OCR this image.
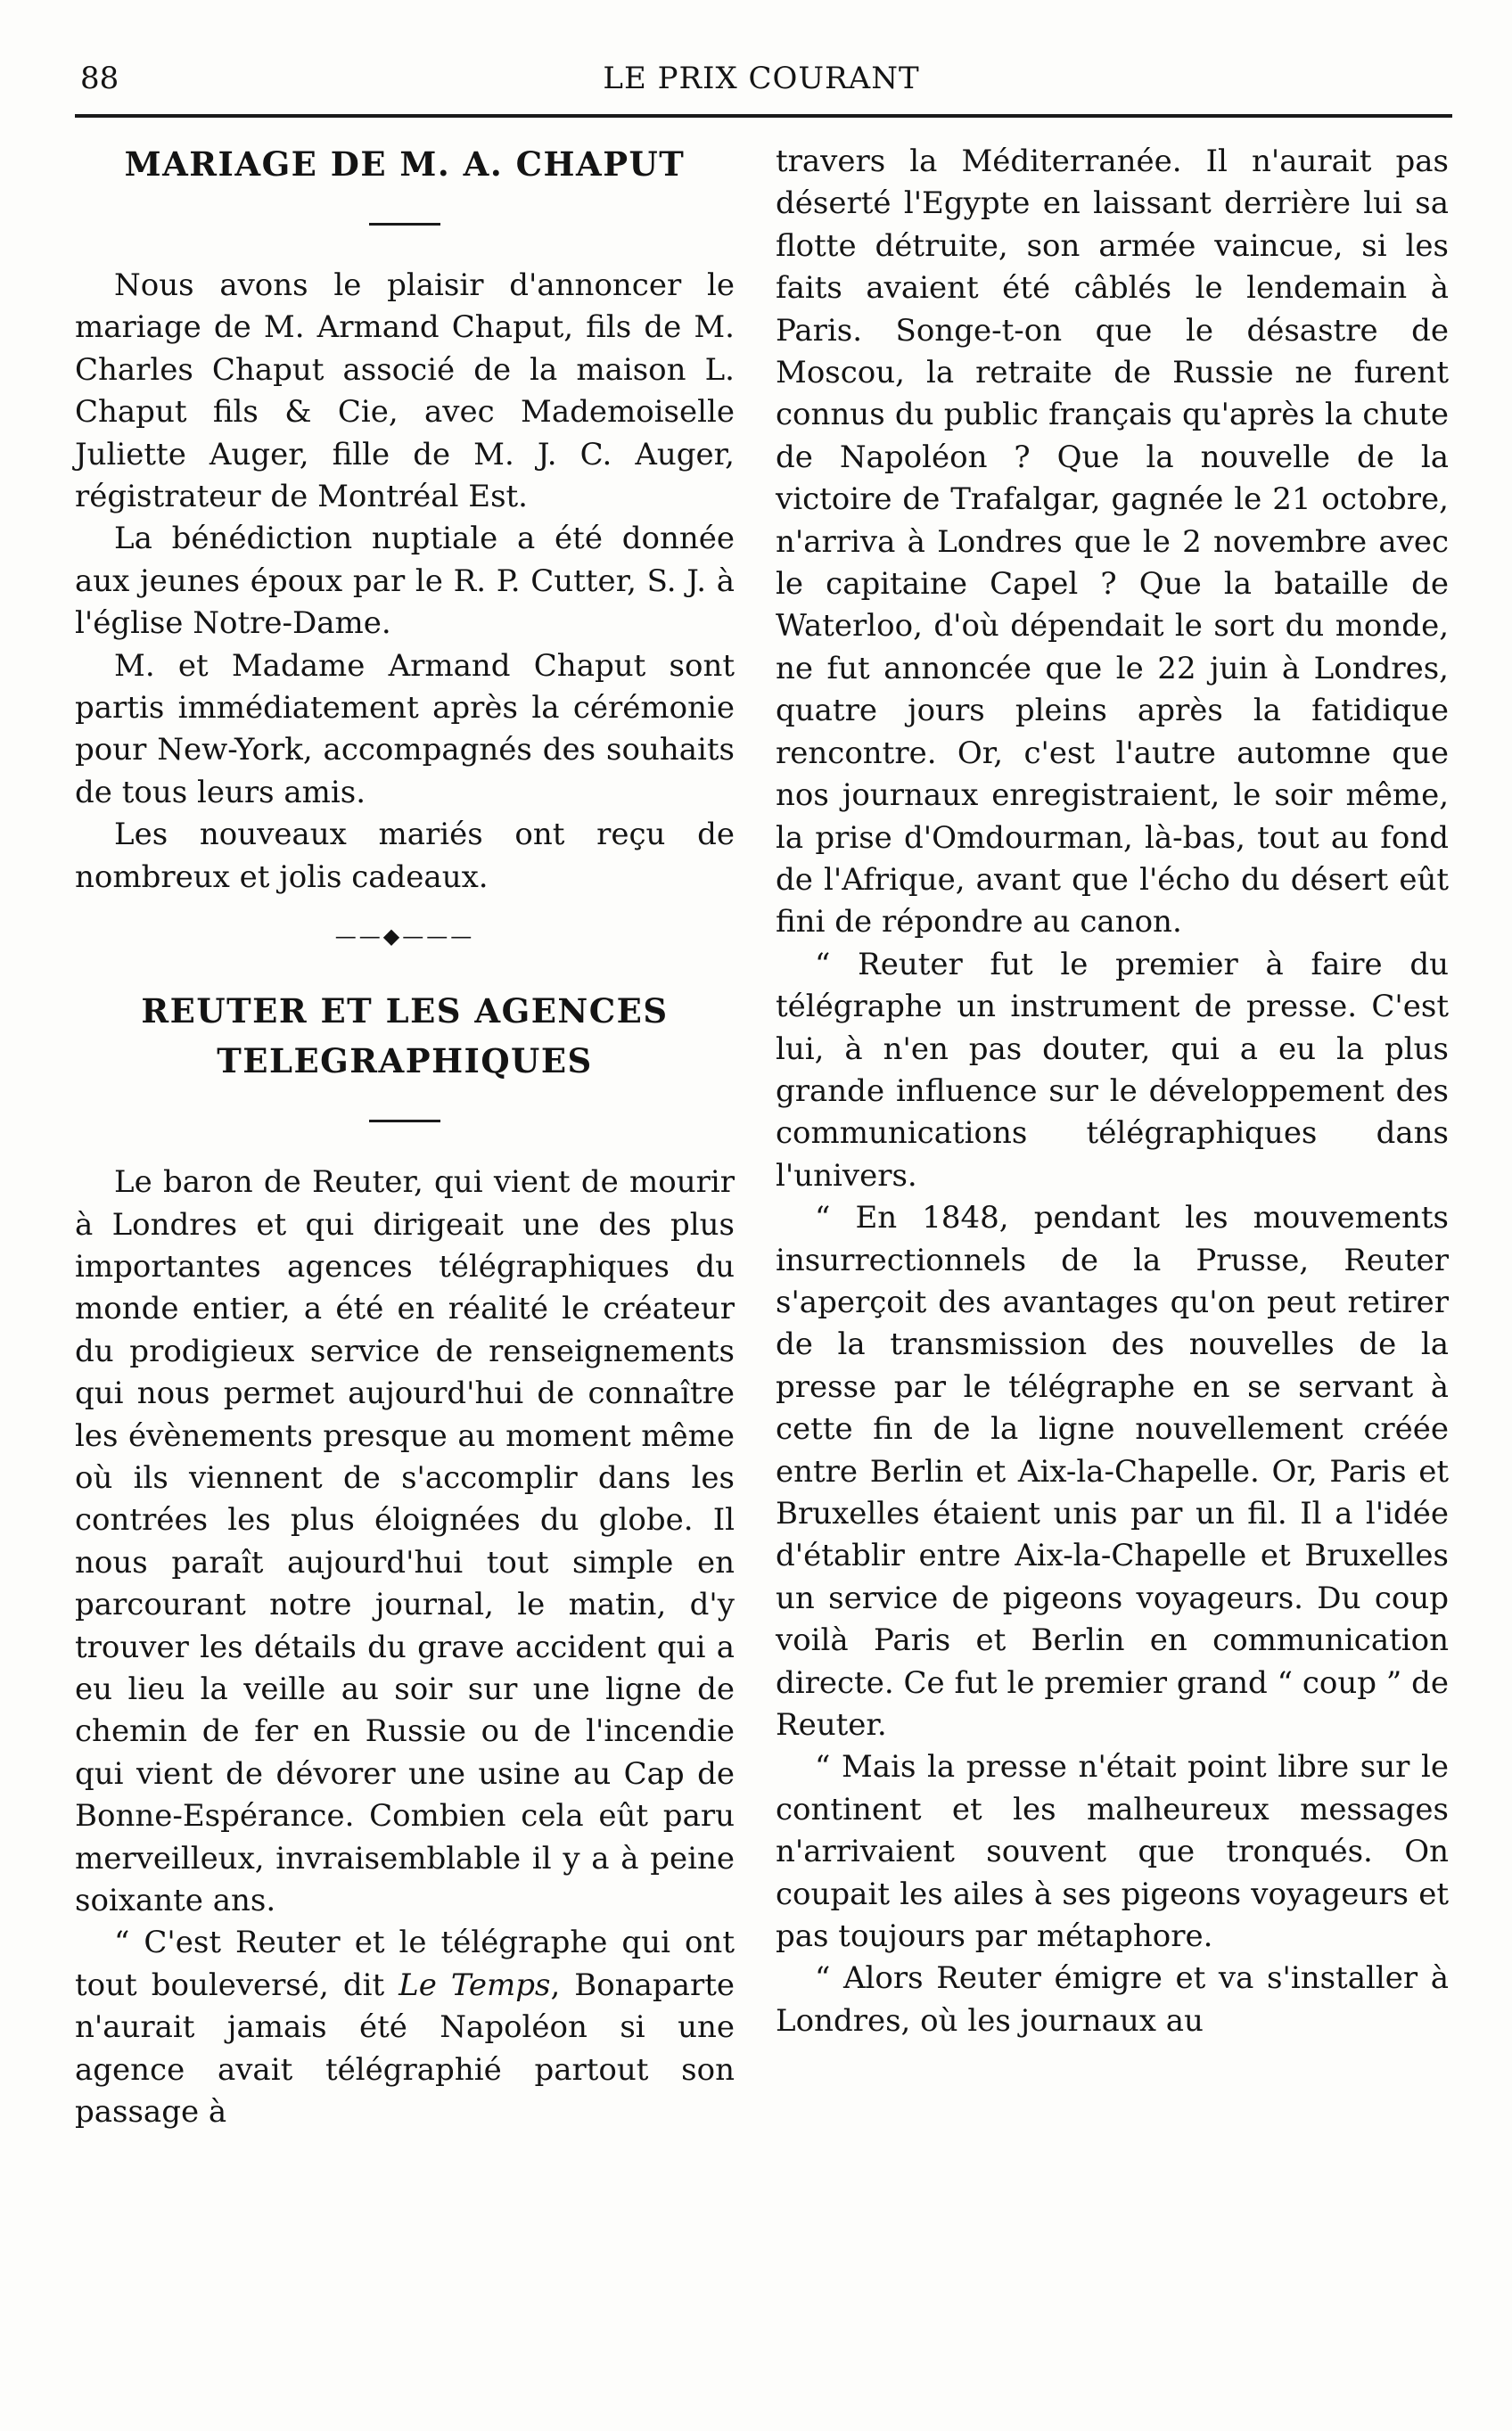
88	LE PRIX COURANT
MARIAGE DE M. A. CHAPUT

Nous avons le plaisir d'annoncer le mariage de M. Armand Chaput, fils de M. Charles Chaput associé de la maison L. Chaput fils & Cie, avec Mademoiselle Juliette Auger, fille de M. J. C. Auger, régistrateur de Montréal Est.

La bénédiction nuptiale a été donnée aux jeunes époux par le R. P. Cutter, S. J. à l'église Notre-Dame.

M. et Madame Armand Chaput sont partis immédiatement après la cérémonie pour New-York, accompagnés des souhaits de tous leurs amis.

Les nouveaux mariés ont reçu de nombreux et jolis cadeaux.

——◆———
REUTER ET LES AGENCES
TELEGRAPHIQUES

Le baron de Reuter, qui vient de mourir à Londres et qui dirigeait une des plus importantes agences télégraphiques du monde entier, a été en réalité le créateur du prodigieux service de renseignements qui nous permet aujourd'hui de connaître les évènements presque au moment même où ils viennent de s'accomplir dans les contrées les plus éloignées du globe. Il nous paraît aujourd'hui tout simple en parcourant notre journal, le matin, d'y trouver les détails du grave accident qui a eu lieu la veille au soir sur une ligne de chemin de fer en Russie ou de l'incendie qui vient de dévorer une usine au Cap de Bonne-Espérance. Combien cela eût paru merveilleux, invraisemblable il y a à peine soixante ans.

“ C'est Reuter et le télégraphe qui ont tout bouleversé, dit Le Temps, Bonaparte n'aurait jamais été Napoléon si une agence avait télégraphié partout son passage à

travers la Méditerranée. Il n'aurait pas déserté l'Egypte en laissant derrière lui sa flotte détruite, son armée vaincue, si les faits avaient été câblés le lendemain à Paris. Songe-t-on que le désastre de Moscou, la retraite de Russie ne furent connus du public français qu'après la chute de Napoléon ? Que la nouvelle de la victoire de Trafalgar, gagnée le 21 octobre, n'arriva à Londres que le 2 novembre avec le capitaine Capel ? Que la bataille de Waterloo, d'où dépendait le sort du monde, ne fut annoncée que le 22 juin à Londres, quatre jours pleins après la fatidique rencontre. Or, c'est l'autre automne que nos journaux enregistraient, le soir même, la prise d'Omdourman, là-bas, tout au fond de l'Afrique, avant que l'écho du désert eût fini de répondre au canon.

“ Reuter fut le premier à faire du télégraphe un instrument de presse. C'est lui, à n'en pas douter, qui a eu la plus grande influence sur le développement des communications télégraphiques dans l'univers.

“ En 1848, pendant les mouvements insurrectionnels de la Prusse, Reuter s'aperçoit des avantages qu'on peut retirer de la transmission des nouvelles de la presse par le télégraphe en se servant à cette fin de la ligne nouvellement créée entre Berlin et Aix-la-Chapelle. Or, Paris et Bruxelles étaient unis par un fil. Il a l'idée d'établir entre Aix-la-Chapelle et Bruxelles un service de pigeons voyageurs. Du coup voilà Paris et Berlin en communication directe. Ce fut le premier grand “ coup ” de Reuter.

“ Mais la presse n'était point libre sur le continent et les malheureux messages n'arrivaient souvent que tronqués. On coupait les ailes à ses pigeons voyageurs et pas toujours par métaphore.

“ Alors Reuter émigre et va s'installer à Londres, où les journaux au
